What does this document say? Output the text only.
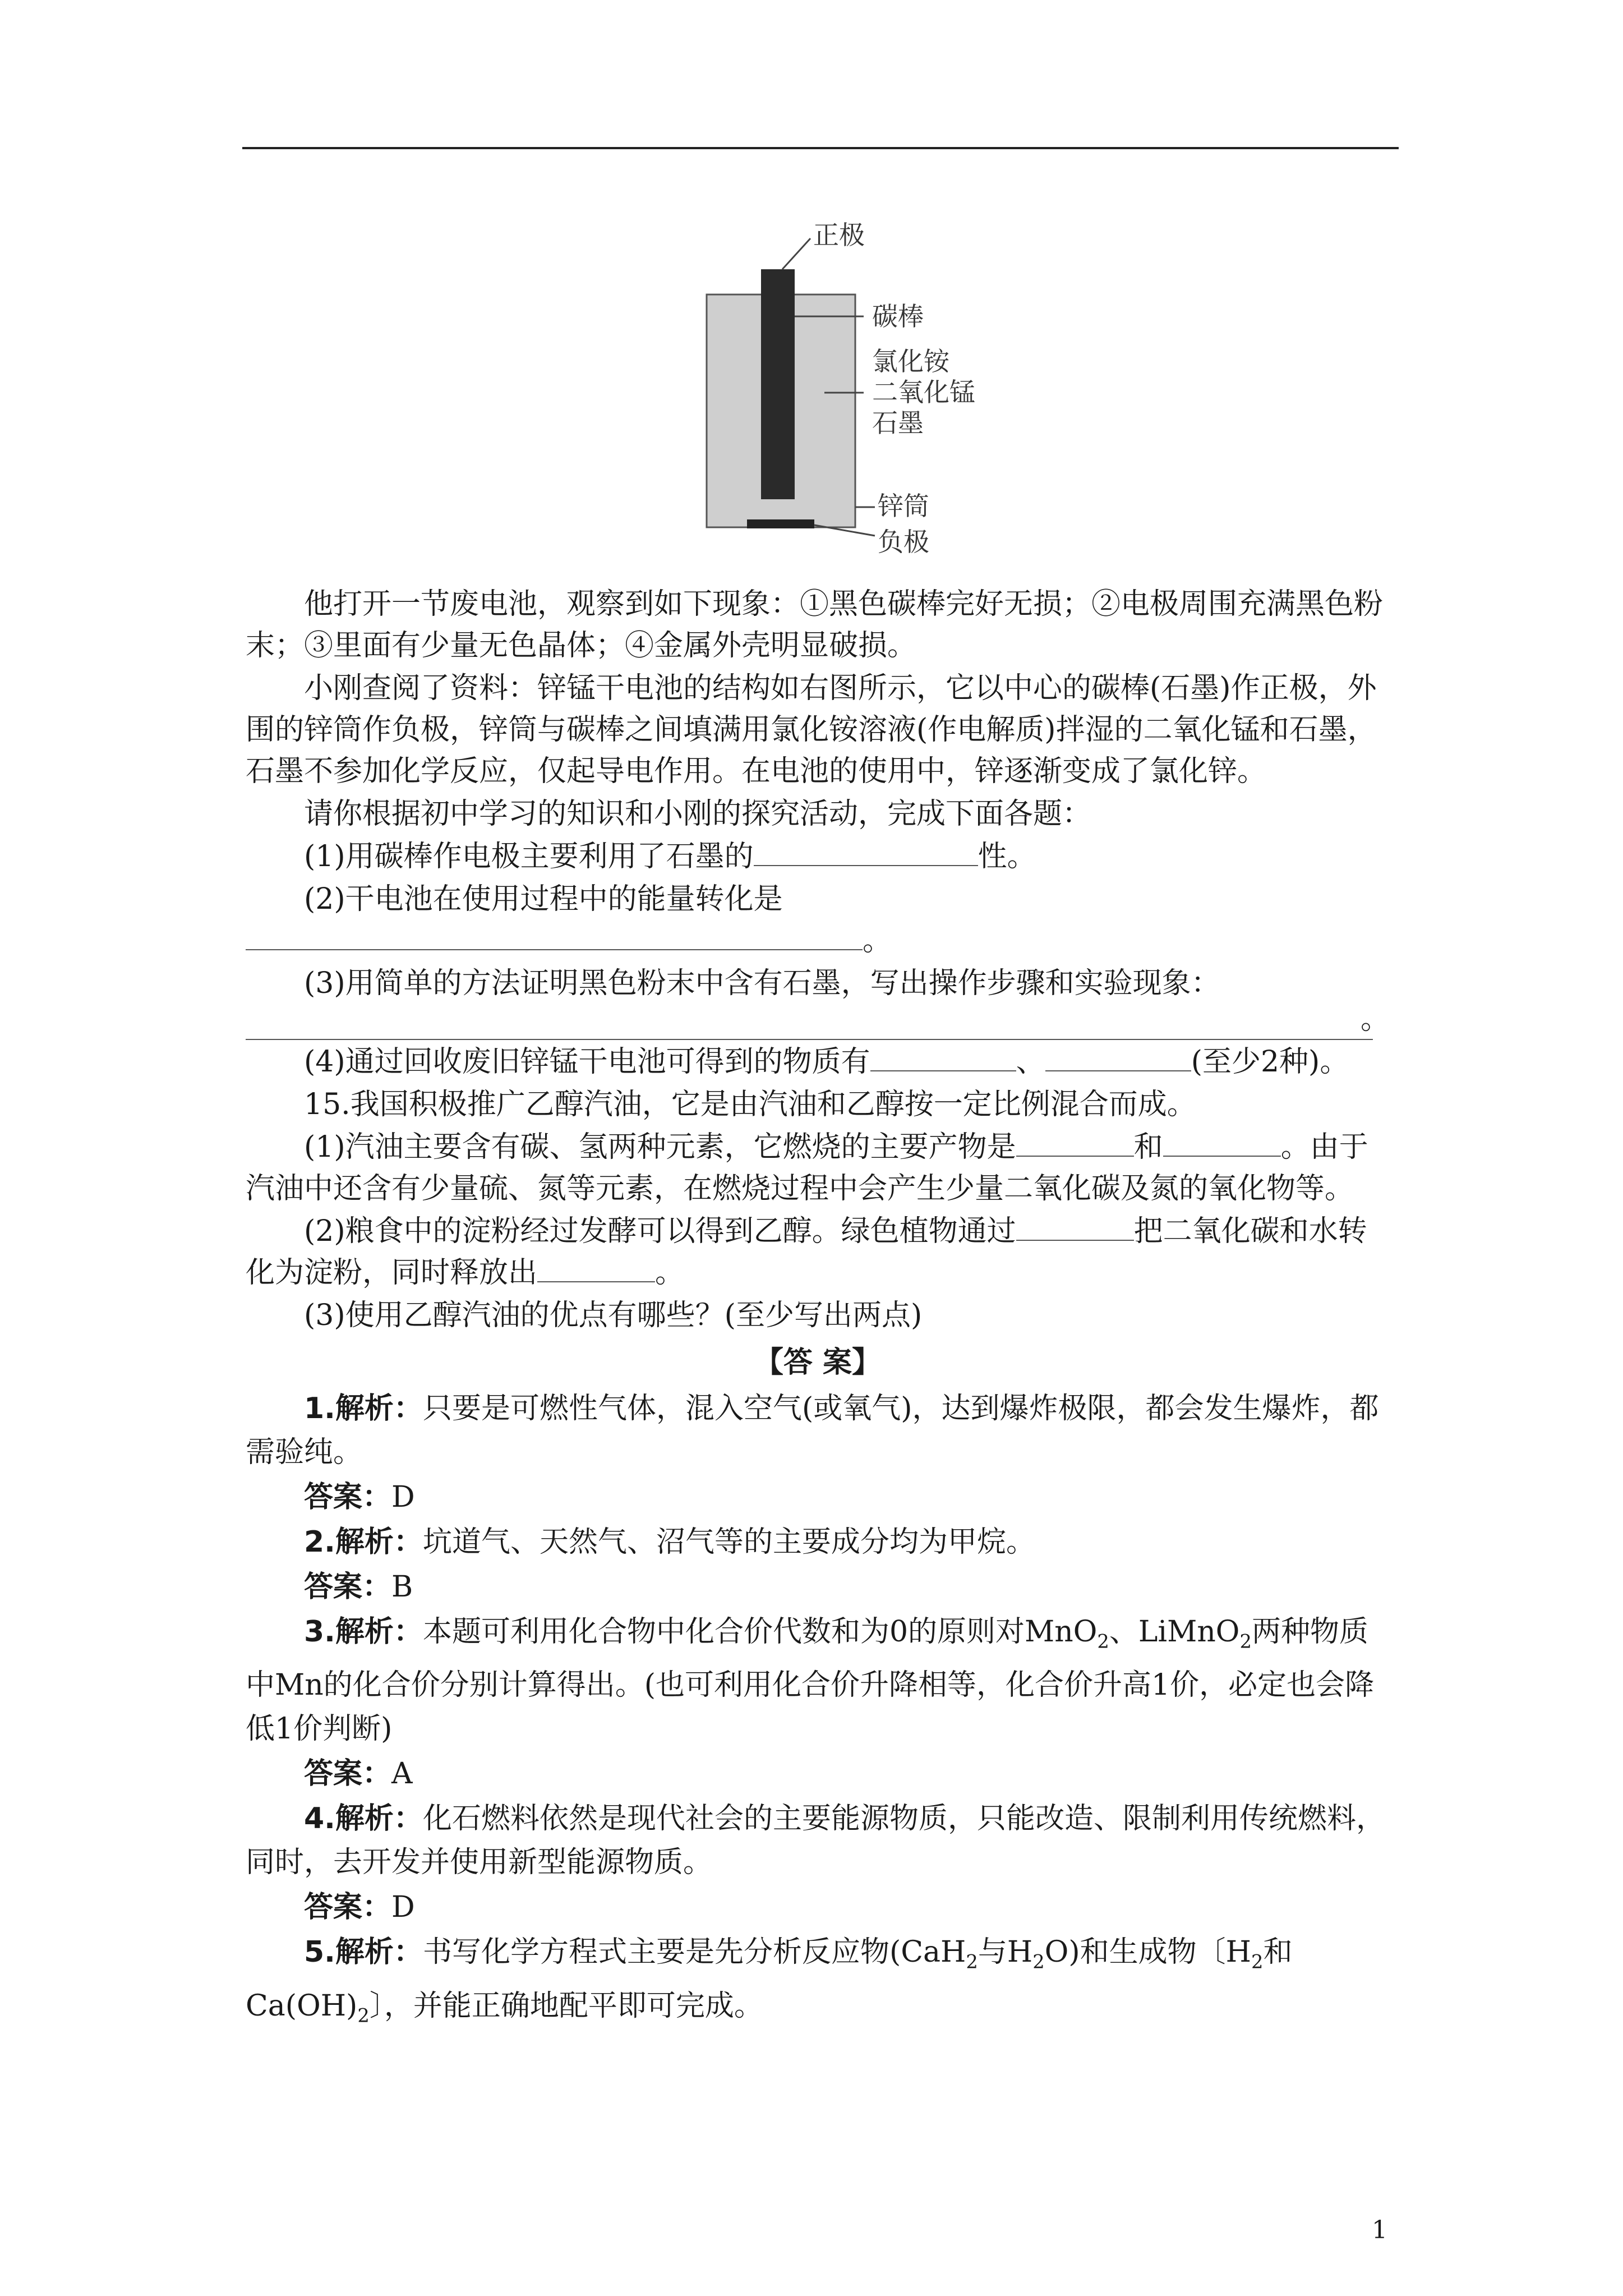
正极
碳棒
氯化铵
二氧化锰
石墨
锌筒
负极

他打开一节废电池，观察到如下现象：①黑色碳棒完好无损；②电极周围充满黑色粉末；③里面有少量无色晶体；④金属外壳明显破损。

小刚查阅了资料：锌锰干电池的结构如右图所示，它以中心的碳棒(石墨)作正极，外围的锌筒作负极，锌筒与碳棒之间填满用氯化铵溶液(作电解质)拌湿的二氧化锰和石墨，石墨不参加化学反应，仅起导电作用。在电池的使用中，锌逐渐变成了氯化锌。

请你根据初中学习的知识和小刚的探究活动，完成下面各题：

(1)用碳棒作电极主要利用了石墨的	性。

(2)干电池在使用过程中的能量转化是。

(3)用简单的方法证明黑色粉末中含有石墨，写出操作步骤和实验现象：

。

(4)通过回收废旧锌锰干电池可得到的物质有	、	(至少2种)。

15.我国积极推广乙醇汽油，它是由汽油和乙醇按一定比例混合而成。

(1)汽油主要含有碳、氢两种元素，它燃烧的主要产物是	和	。由于汽油中还含有少量硫、氮等元素，在燃烧过程中会产生少量二氧化碳及氮的氧化物等。

(2)粮食中的淀粉经过发酵可以得到乙醇。绿色植物通过	把二氧化碳和水转化为淀粉，同时释放出	。

(3)使用乙醇汽油的优点有哪些？(至少写出两点)

【答 案】

1.解析：只要是可燃性气体，混入空气(或氧气)，达到爆炸极限，都会发生爆炸，都需验纯。

答案：D

2.解析：坑道气、天然气、沼气等的主要成分均为甲烷。

答案：B

3.解析：本题可利用化合物中化合价代数和为0的原则对MnO$_2$、LiMnO$_2$两种物质中Mn的化合价分别计算得出。(也可利用化合价升降相等，化合价升高1价，必定也会降低1价判断)

答案：A

4.解析：化石燃料依然是现代社会的主要能源物质，只能改造、限制利用传统燃料，同时，去开发并使用新型能源物质。

答案：D

5.解析：书写化学方程式主要是先分析反应物(CaH$_2$与$H_2O$)和生成物〔$H_2$和$Ca(OH)_2$〕，并能正确地配平即可完成。

1
